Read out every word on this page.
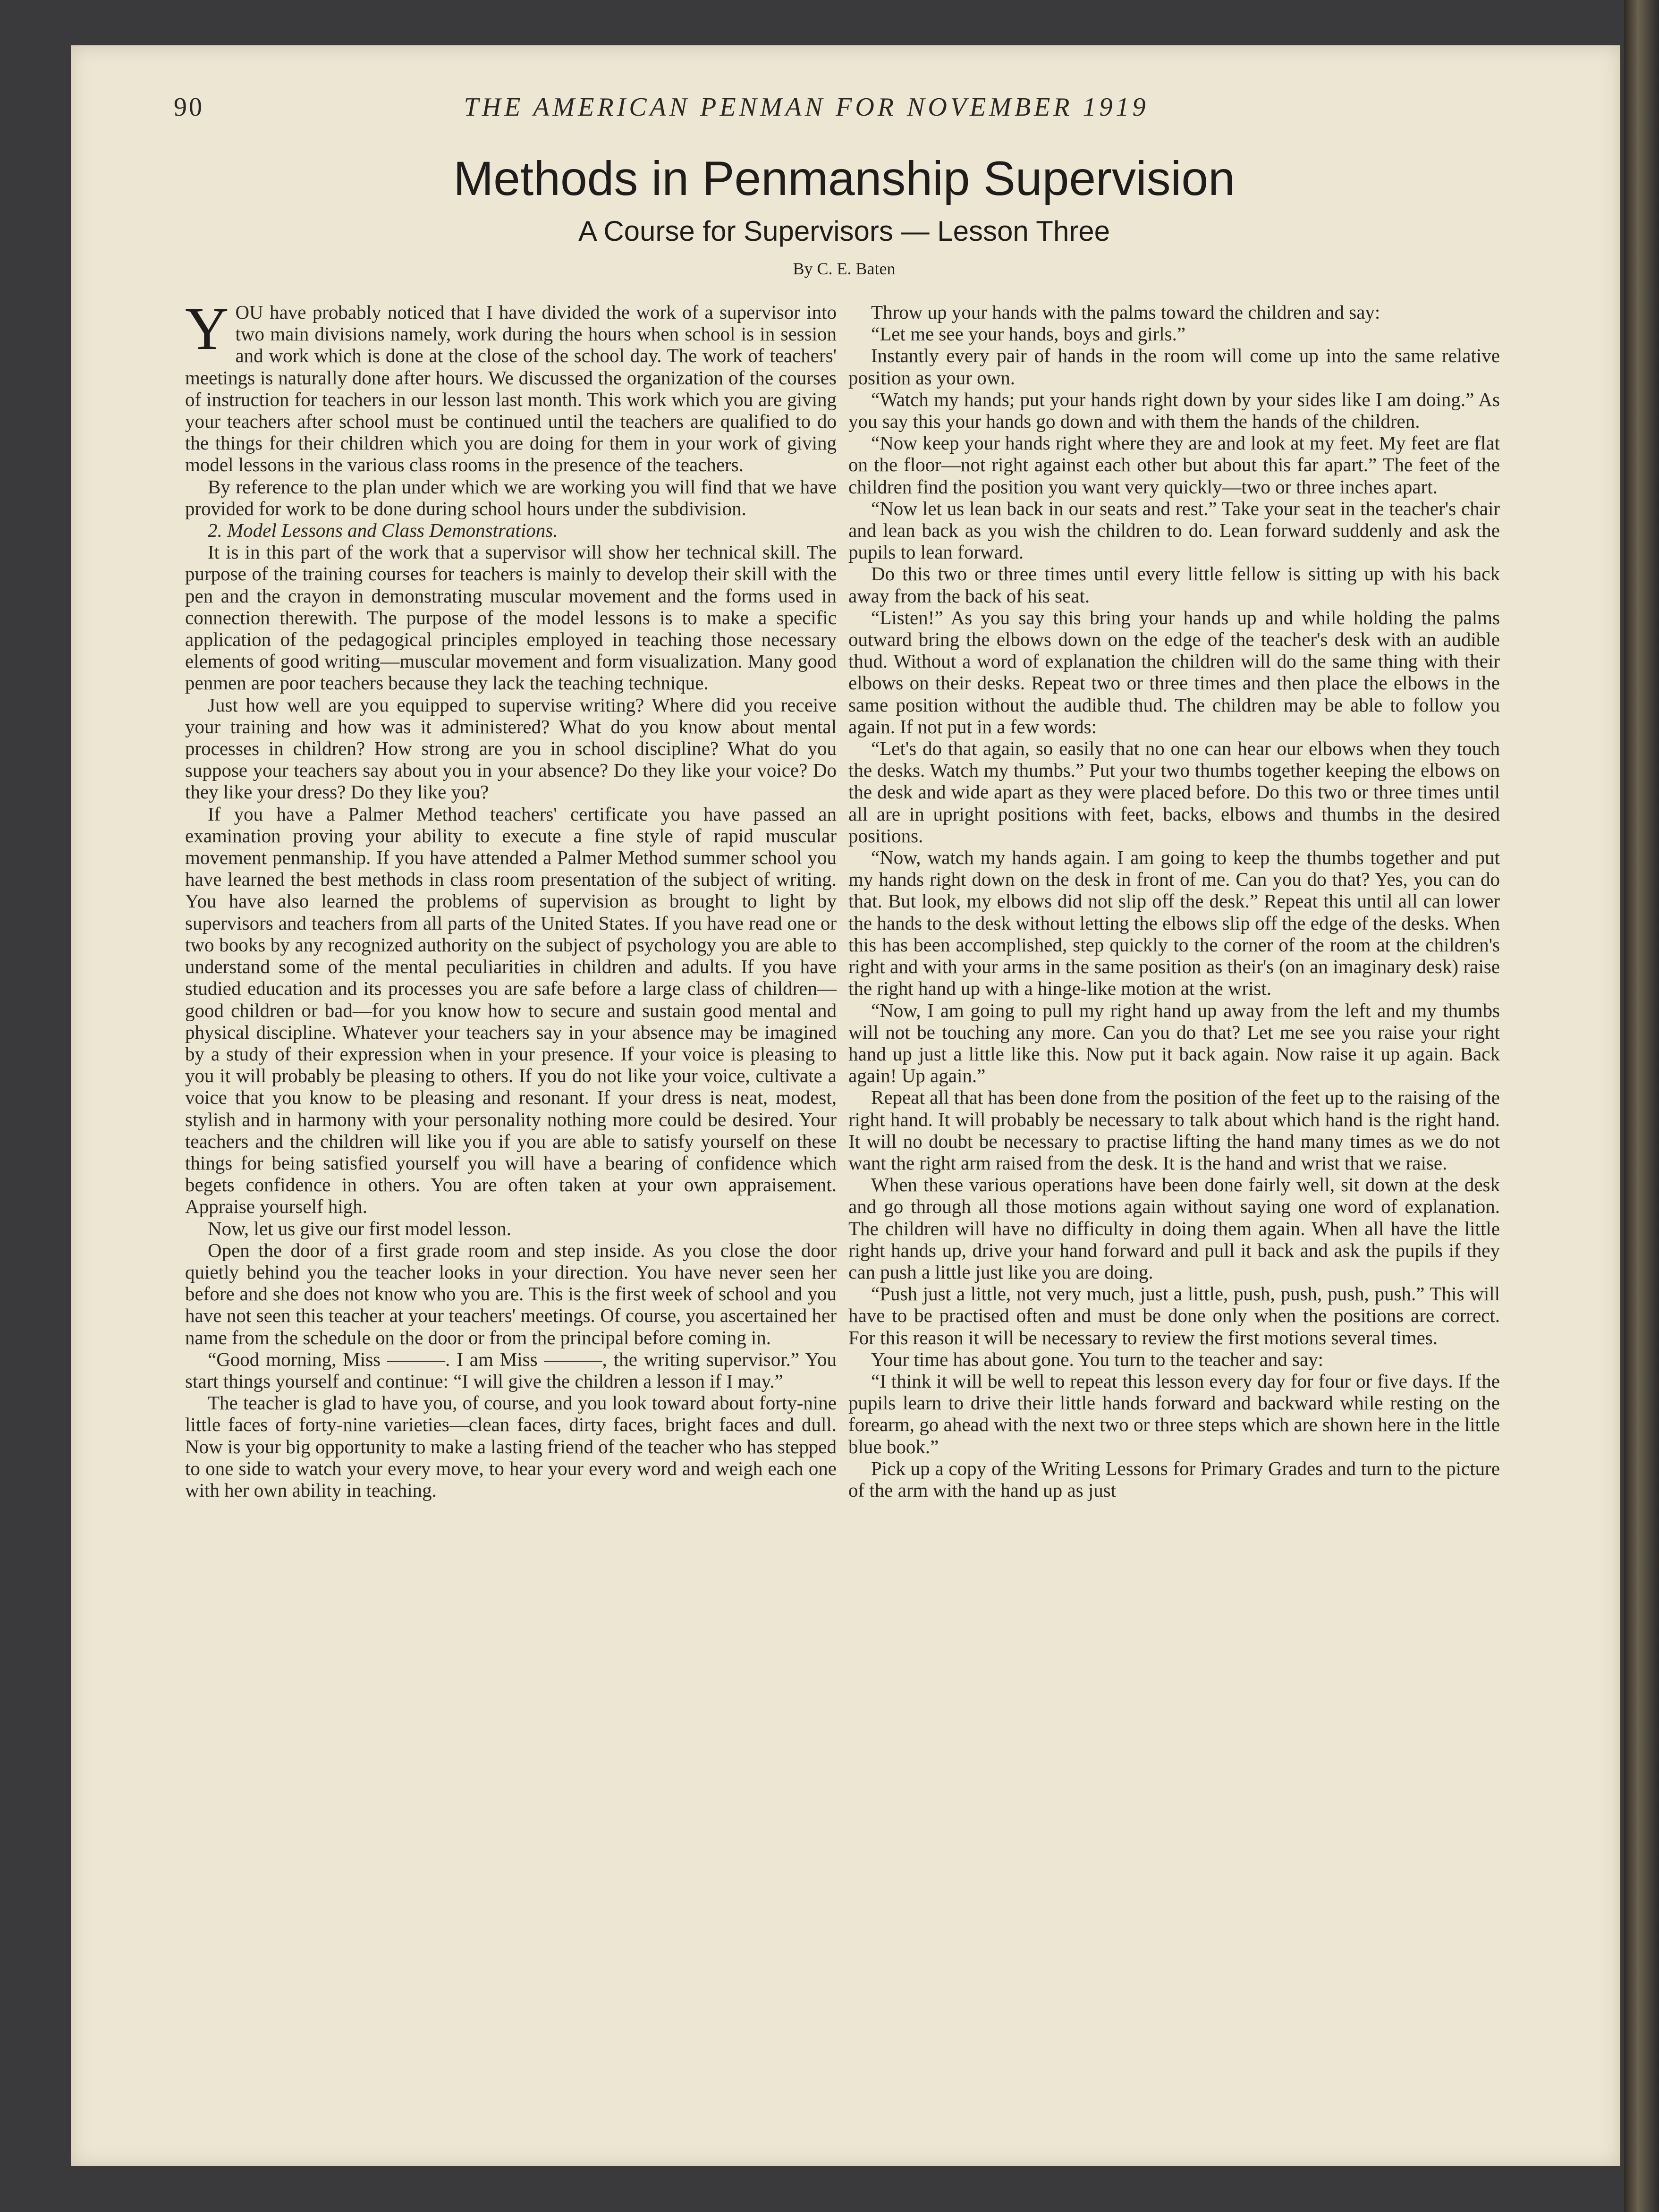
90	THE AMERICAN PENMAN FOR NOVEMBER 1919
Methods in Penmanship Supervision
A Course for Supervisors — Lesson Three
By C. E. Baten

YOU have probably noticed that I have divided the work of a supervisor into two main divisions namely, work during the hours when school is in session and work which is done at the close of the school day. The work of teachers' meetings is naturally done after hours. We discussed the organization of the courses of instruction for teachers in our lesson last month. This work which you are giving your teachers after school must be continued until the teachers are qualified to do the things for their children which you are doing for them in your work of giving model lessons in the various class rooms in the presence of the teachers.

By reference to the plan under which we are working you will find that we have provided for work to be done during school hours under the subdivision.

2. Model Lessons and Class Demonstrations.

It is in this part of the work that a supervisor will show her technical skill. The purpose of the training courses for teachers is mainly to develop their skill with the pen and the crayon in demonstrating muscular movement and the forms used in connection therewith. The purpose of the model lessons is to make a specific application of the pedagogical principles employed in teaching those necessary elements of good writing—muscular movement and form visualization. Many good penmen are poor teachers because they lack the teaching technique.

Just how well are you equipped to supervise writing? Where did you receive your training and how was it administered? What do you know about mental processes in children? How strong are you in school discipline? What do you suppose your teachers say about you in your absence? Do they like your voice? Do they like your dress? Do they like you?

If you have a Palmer Method teachers' certificate you have passed an examination proving your ability to execute a fine style of rapid muscular movement penmanship. If you have attended a Palmer Method summer school you have learned the best methods in class room presentation of the subject of writing. You have also learned the problems of supervision as brought to light by supervisors and teachers from all parts of the United States. If you have read one or two books by any recognized authority on the subject of psychology you are able to understand some of the mental peculiarities in children and adults. If you have studied education and its processes you are safe before a large class of children—good children or bad—for you know how to secure and sustain good mental and physical discipline. Whatever your teachers say in your absence may be imagined by a study of their expression when in your presence. If your voice is pleasing to you it will probably be pleasing to others. If you do not like your voice, cultivate a voice that you know to be pleasing and resonant. If your dress is neat, modest, stylish and in harmony with your personality nothing more could be desired. Your teachers and the children will like you if you are able to satisfy yourself on these things for being satisfied yourself you will have a bearing of confidence which begets confidence in others. You are often taken at your own appraisement. Appraise yourself high.

Now, let us give our first model lesson.

Open the door of a first grade room and step inside. As you close the door quietly behind you the teacher looks in your direction. You have never seen her before and she does not know who you are. This is the first week of school and you have not seen this teacher at your teachers' meetings. Of course, you ascertained her name from the schedule on the door or from the principal before coming in.

“Good morning, Miss ———. I am Miss ———, the writing supervisor.” You start things yourself and continue: “I will give the children a lesson if I may.”

The teacher is glad to have you, of course, and you look toward about forty-nine little faces of forty-nine varieties—clean faces, dirty faces, bright faces and dull. Now is your big opportunity to make a lasting friend of the teacher who has stepped to one side to watch your every move, to hear your every word and weigh each one with her own ability in teaching.

Throw up your hands with the palms toward the children and say:

“Let me see your hands, boys and girls.”

Instantly every pair of hands in the room will come up into the same relative position as your own.

“Watch my hands; put your hands right down by your sides like I am doing.” As you say this your hands go down and with them the hands of the children.

“Now keep your hands right where they are and look at my feet. My feet are flat on the floor—not right against each other but about this far apart.” The feet of the children find the position you want very quickly—two or three inches apart.

“Now let us lean back in our seats and rest.” Take your seat in the teacher's chair and lean back as you wish the children to do. Lean forward suddenly and ask the pupils to lean forward.

Do this two or three times until every little fellow is sitting up with his back away from the back of his seat.

“Listen!” As you say this bring your hands up and while holding the palms outward bring the elbows down on the edge of the teacher's desk with an audible thud. Without a word of explanation the children will do the same thing with their elbows on their desks. Repeat two or three times and then place the elbows in the same position without the audible thud. The children may be able to follow you again. If not put in a few words:

“Let's do that again, so easily that no one can hear our elbows when they touch the desks. Watch my thumbs.” Put your two thumbs together keeping the elbows on the desk and wide apart as they were placed before. Do this two or three times until all are in upright positions with feet, backs, elbows and thumbs in the desired positions.

“Now, watch my hands again. I am going to keep the thumbs together and put my hands right down on the desk in front of me. Can you do that? Yes, you can do that. But look, my elbows did not slip off the desk.” Repeat this until all can lower the hands to the desk without letting the elbows slip off the edge of the desks. When this has been accomplished, step quickly to the corner of the room at the children's right and with your arms in the same position as their's (on an imaginary desk) raise the right hand up with a hinge-like motion at the wrist.

“Now, I am going to pull my right hand up away from the left and my thumbs will not be touching any more. Can you do that? Let me see you raise your right hand up just a little like this. Now put it back again. Now raise it up again. Back again! Up again.”

Repeat all that has been done from the position of the feet up to the raising of the right hand. It will probably be necessary to talk about which hand is the right hand. It will no doubt be necessary to practise lifting the hand many times as we do not want the right arm raised from the desk. It is the hand and wrist that we raise.

When these various operations have been done fairly well, sit down at the desk and go through all those motions again without saying one word of explanation. The children will have no difficulty in doing them again. When all have the little right hands up, drive your hand forward and pull it back and ask the pupils if they can push a little just like you are doing.

“Push just a little, not very much, just a little, push, push, push, push.” This will have to be practised often and must be done only when the positions are correct. For this reason it will be necessary to review the first motions several times.

Your time has about gone. You turn to the teacher and say:

“I think it will be well to repeat this lesson every day for four or five days. If the pupils learn to drive their little hands forward and backward while resting on the forearm, go ahead with the next two or three steps which are shown here in the little blue book.”

Pick up a copy of the Writing Lessons for Primary Grades and turn to the picture of the arm with the hand up as just
